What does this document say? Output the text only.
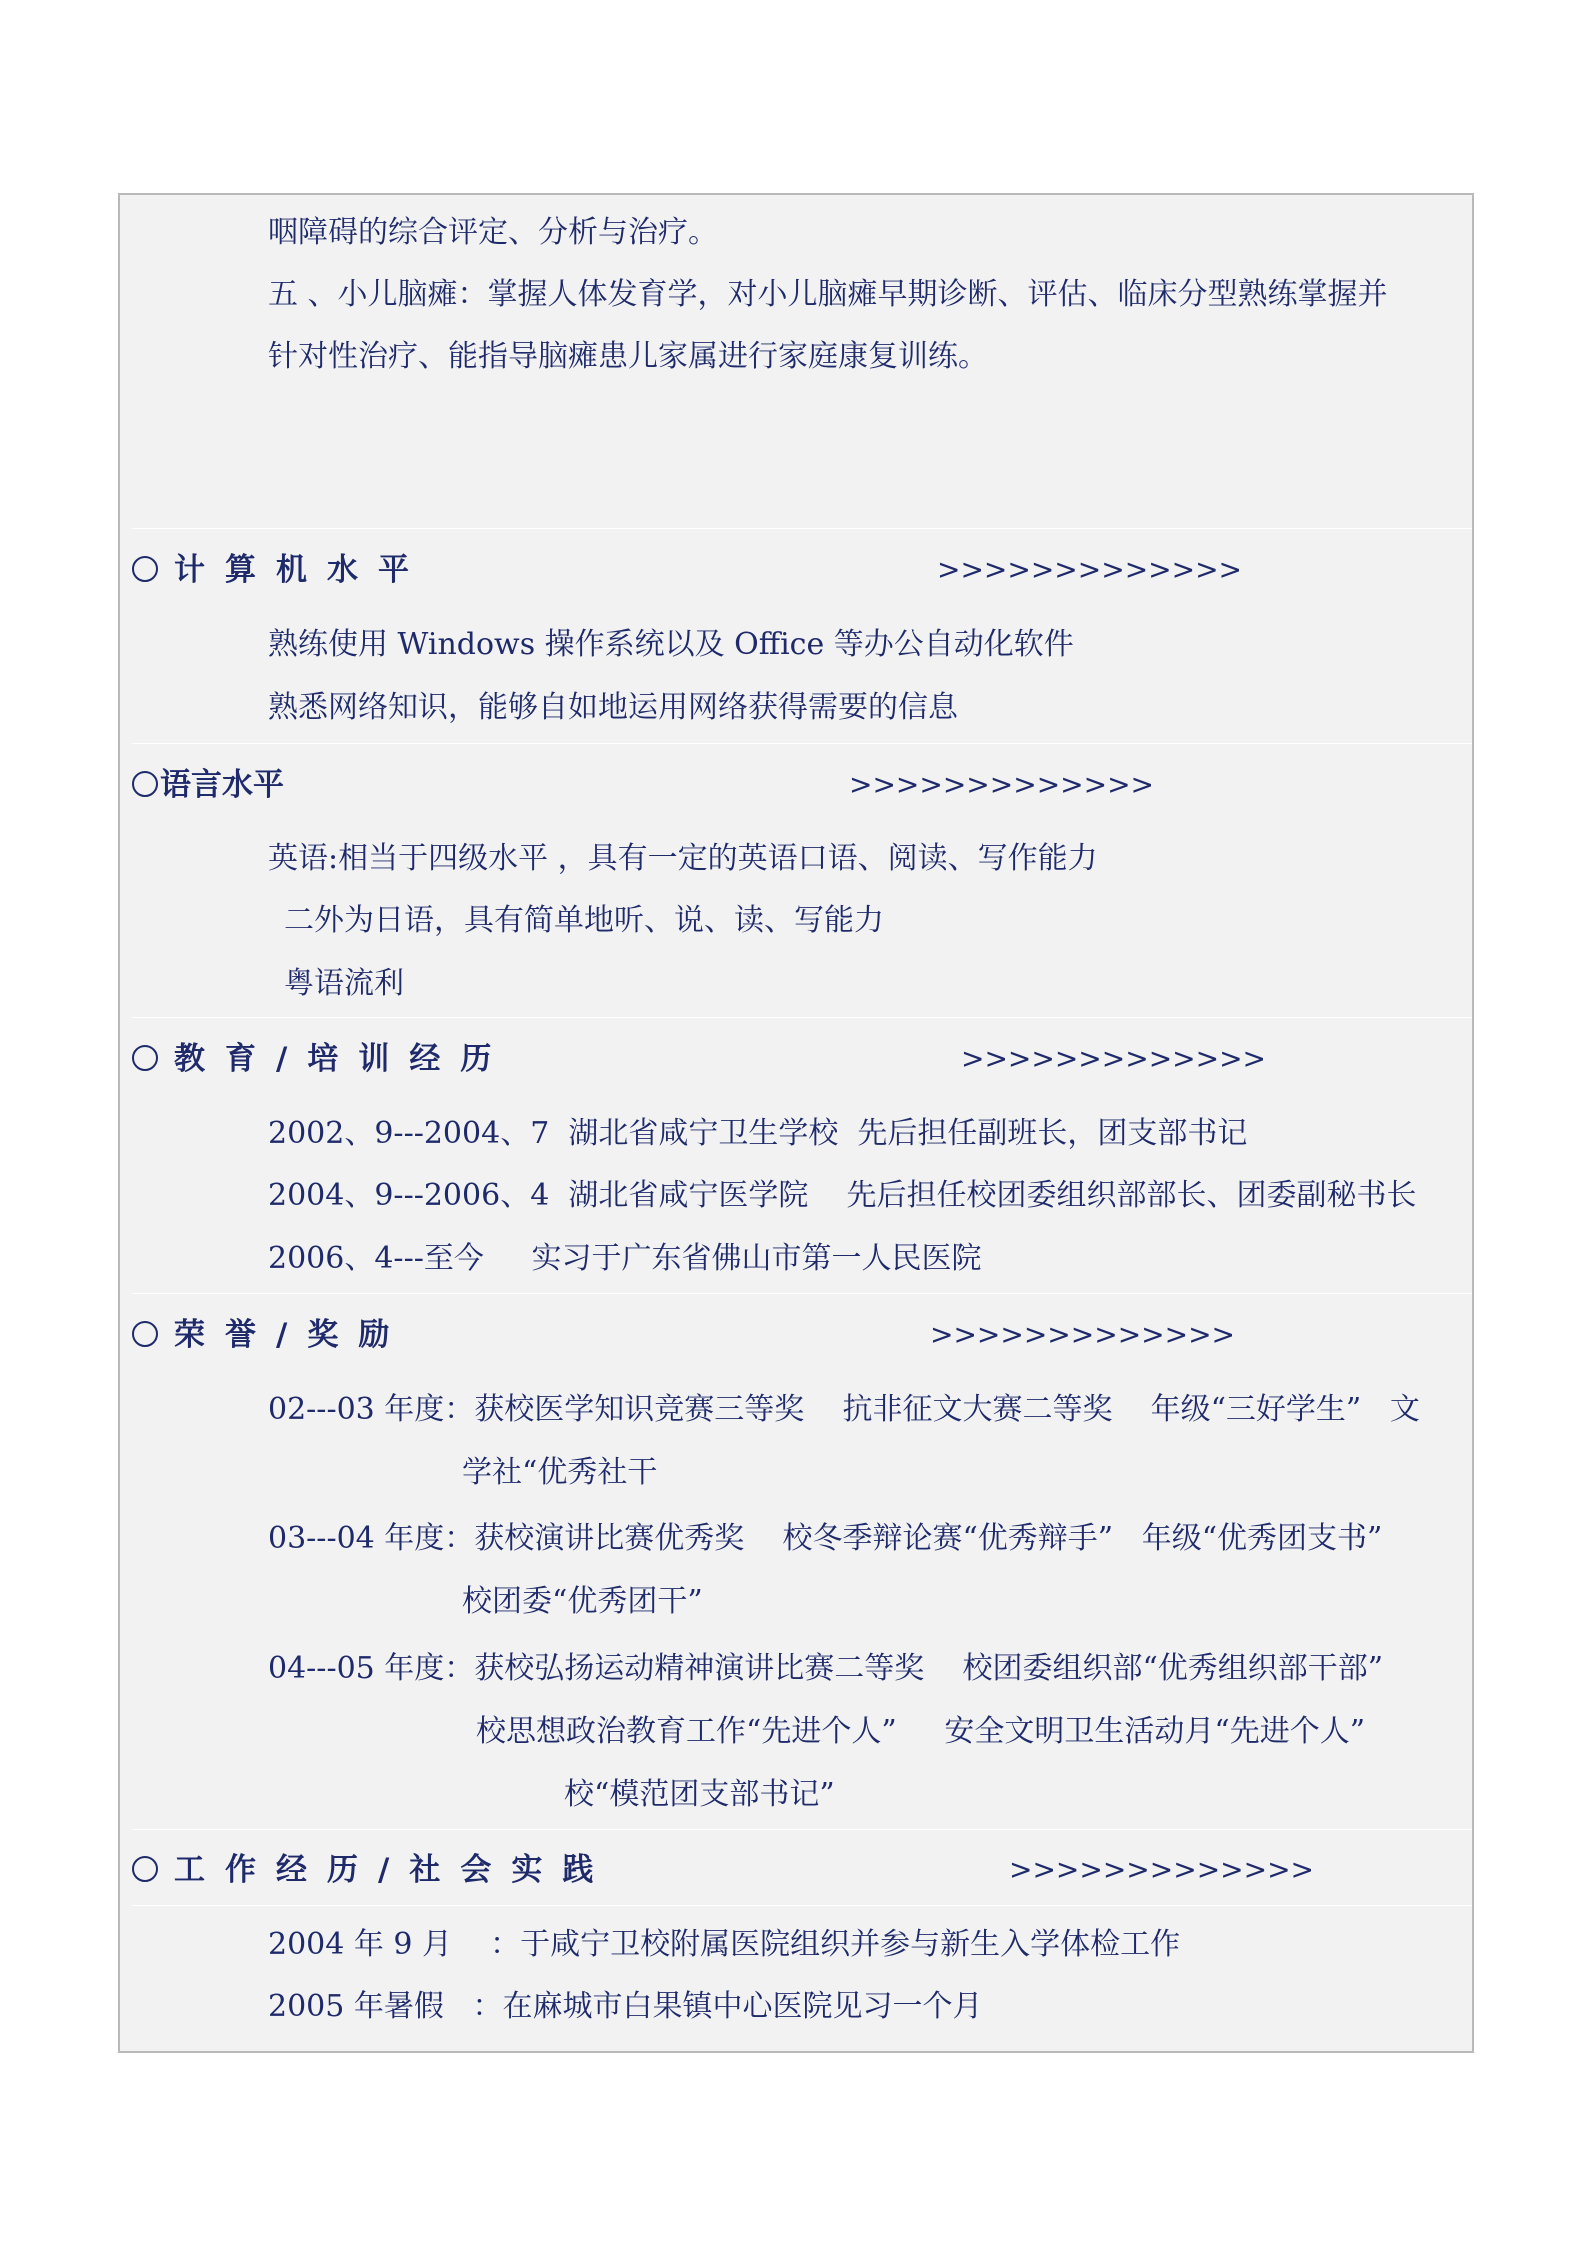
咽障碍的综合评定、分析与治疗。
五 、小儿脑瘫：掌握人体发育学，对小儿脑瘫早期诊断、评估、临床分型熟练掌握并
针对性治疗、能指导脑瘫患儿家属进行家庭康复训练。
计算机水平	>>>>>>>>>>>>>
熟练使用 Windows 操作系统以及 Office 等办公自动化软件
熟悉网络知识，能够自如地运用网络获得需要的信息
语言水平	>>>>>>>>>>>>>
英语:相当于四级水平 ，具有一定的英语口语、阅读、写作能力
二外为日语，具有简单地听、说、读、写能力
粤语流利
教育/培训经历	>>>>>>>>>>>>>
2002、9---2004、7  湖北省咸宁卫生学校  先后担任副班长，团支部书记
2004、9---2006、4  湖北省咸宁医学院    先后担任校团委组织部部长、团委副秘书长
2006、4---至今     实习于广东省佛山市第一人民医院
荣誉/奖励	>>>>>>>>>>>>>
02---03 年度：获校医学知识竞赛三等奖    抗非征文大赛二等奖    年级“三好学生”   文
学社“优秀社干
03---04 年度：获校演讲比赛优秀奖    校冬季辩论赛“优秀辩手”   年级“优秀团支书”
校团委“优秀团干”
04---05 年度：获校弘扬运动精神演讲比赛二等奖    校团委组织部“优秀组织部干部”
校思想政治教育工作“先进个人”     安全文明卫生活动月“先进个人”
校“模范团支部书记”
工作经历/社会实践	>>>>>>>>>>>>>
2004 年 9 月    ：于咸宁卫校附属医院组织并参与新生入学体检工作
2005 年暑假   ：在麻城市白果镇中心医院见习一个月
